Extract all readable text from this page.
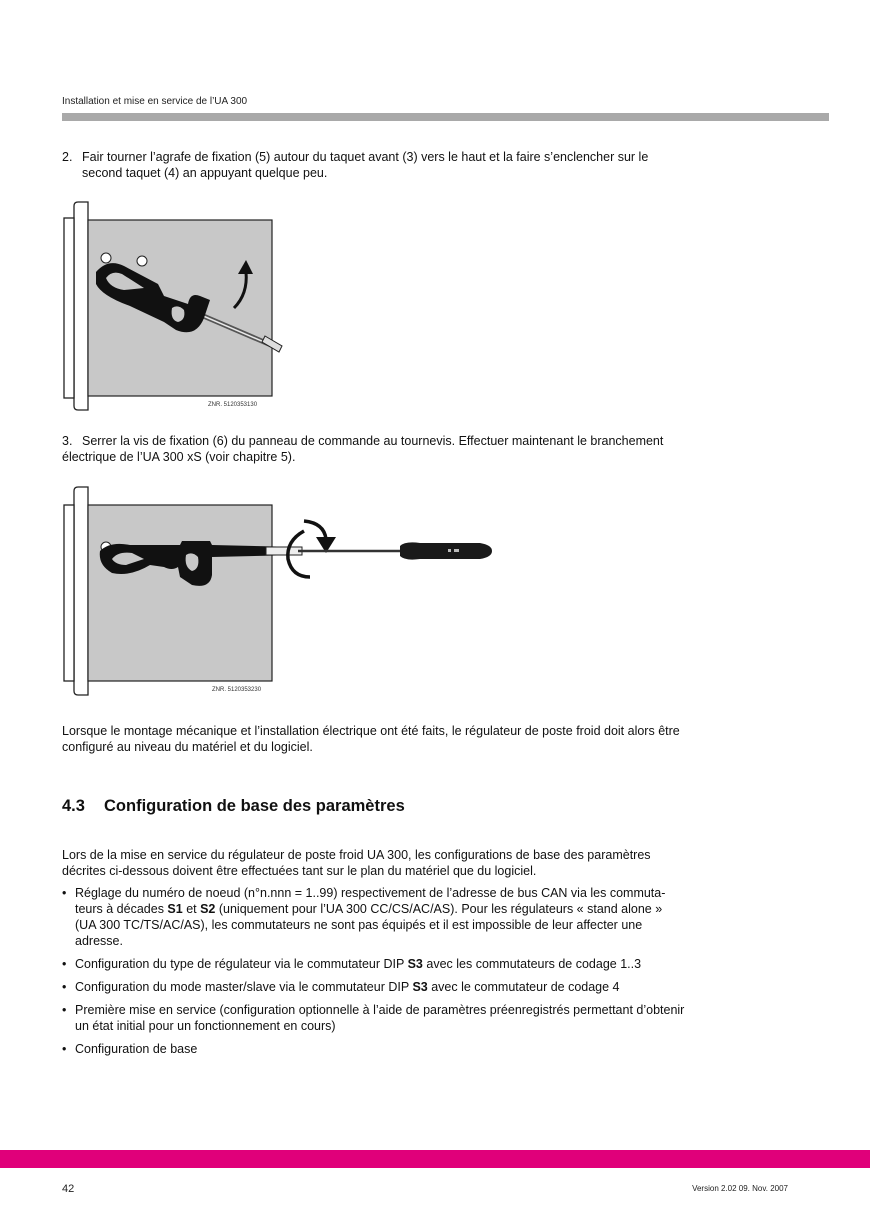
Installation et mise en service de l’UA 300
2. Fair tourner l’agrafe de fixation (5) autour du taquet avant (3) vers le haut et la faire s’enclencher sur le
second taquet (4) an appuyant quelque peu.
ZNR. 5120353130
3. Serrer la vis de fixation (6) du panneau de commande au tournevis. Effectuer maintenant le branchement
électrique de l’UA 300 xS (voir chapitre 5).
ZNR. 5120353230
Lorsque le montage mécanique et l’installation électrique ont été faits, le régulateur de poste froid doit alors être
configuré au niveau du matériel et du logiciel.
4.3 Configuration de base des paramètres
Lors de la mise en service du régulateur de poste froid UA 300, les configurations de base des paramètres
décrites ci-dessous doivent être effectuées tant sur le plan du matériel que du logiciel.
• Réglage du numéro de noeud (n°n.nnn = 1..99) respectivement de l’adresse de bus CAN via les commuta-
teurs à décades S1 et S2 (uniquement pour l’UA 300 CC/CS/AC/AS). Pour les régulateurs « stand alone »
(UA 300 TC/TS/AC/AS), les commutateurs ne sont pas équipés et il est impossible de leur affecter une
adresse.
• Configuration du type de régulateur via le commutateur DIP S3 avec les commutateurs de codage 1..3
• Configuration du mode master/slave via le commutateur DIP S3 avec le commutateur de codage 4
• Première mise en service (configuration optionnelle à l’aide de paramètres préenregistrés permettant d’obtenir
un état initial pour un fonctionnement en cours)
• Configuration de base
42	Version 2.02 09. Nov. 2007
